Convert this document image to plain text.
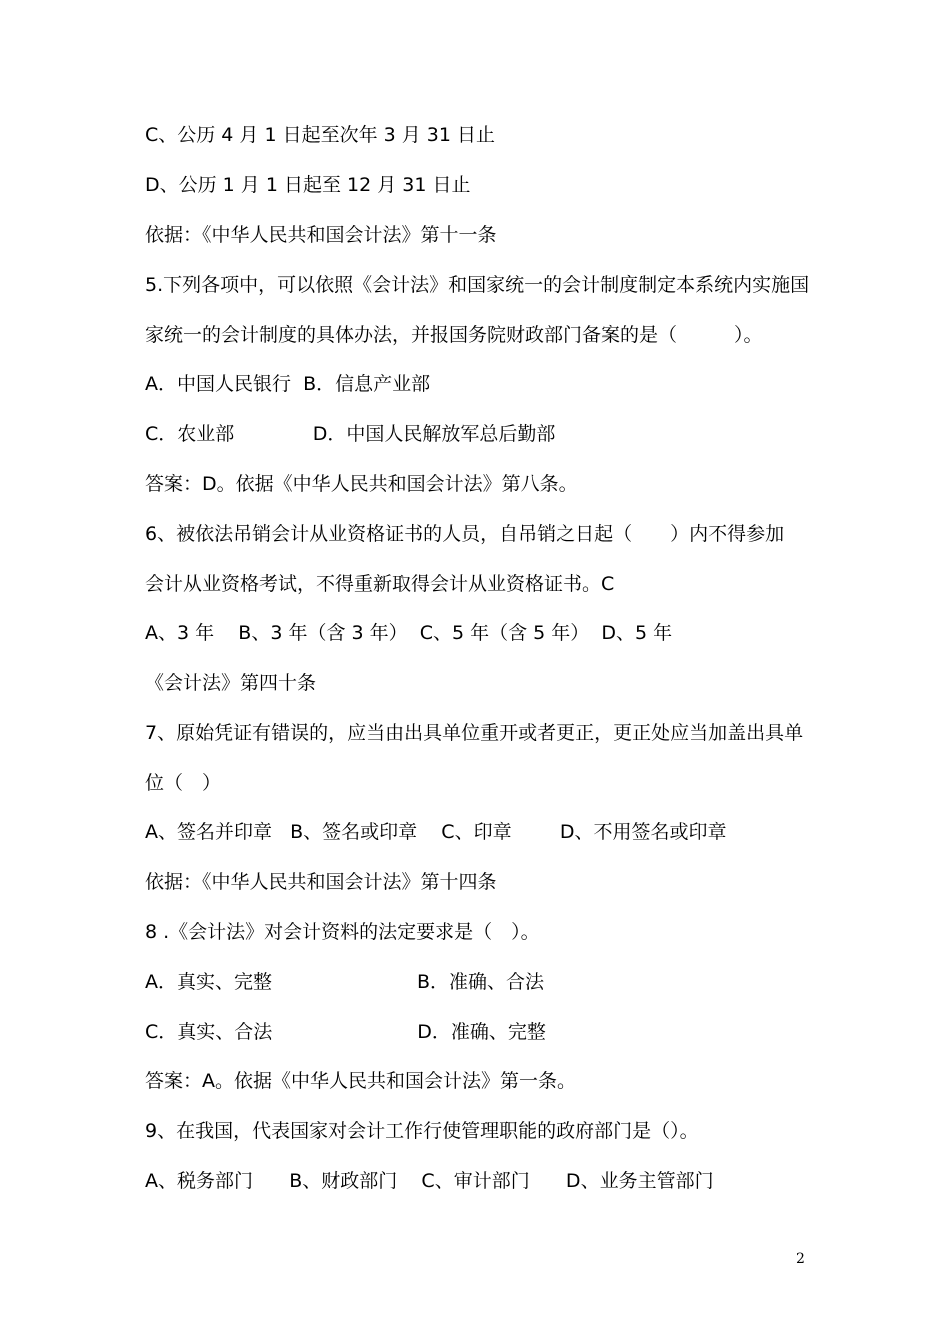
C、公历 4 月 1 日起至次年 3 月 31 日止
D、公历 1 月 1 日起至 12 月 31 日止
依据：《中华人民共和国会计法》第十一条
5.下列各项中，可以依照《会计法》和国家统一的会计制度制定本系统内实施国
家统一的会计制度的具体办法，并报国务院财政部门备案的是（　　　）。
A．中国人民银行  B．信息产业部
C．农业部             D．中国人民解放军总后勤部
答案：D。依据《中华人民共和国会计法》第八条。
6、被依法吊销会计从业资格证书的人员，自吊销之日起（　　）内不得参加
会计从业资格考试，不得重新取得会计从业资格证书。C
A、3 年    B、3 年（含 3 年）  C、5 年（含 5 年）  D、5 年
《会计法》第四十条
7、原始凭证有错误的，应当由出具单位重开或者更正，更正处应当加盖出具单
位（　）
A、签名并印章   B、签名或印章    C、印章        D、不用签名或印章
依据：《中华人民共和国会计法》第十四条
8 .《会计法》对会计资料的法定要求是（　）。
A．真实、完整                        B．准确、合法
C．真实、合法                        D．准确、完整
答案：A。依据《中华人民共和国会计法》第一条。
9、在我国，代表国家对会计工作行使管理职能的政府部门是（）。
A、税务部门      B、财政部门    C、审计部门      D、业务主管部门
2
